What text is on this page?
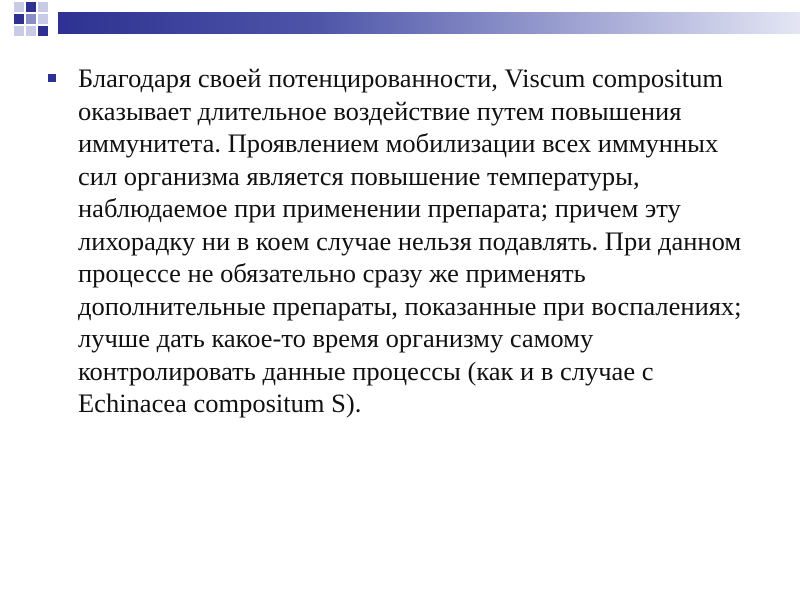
Благодаря своей потенцированности, Viscum compositum оказывает длительное воздействие путем повышения иммунитета. Проявлением мобилизации всех иммунных сил организма является повышение температуры, наблюдаемое при применении препарата; причем эту лихорадку ни в коем случае нельзя подавлять. При данном процессе не обязательно сразу же применять дополнительные препараты, показанные при воспалениях; лучше дать какое-то время организму самому контролировать данные процессы (как и в случае с Echinacea compositum S).
